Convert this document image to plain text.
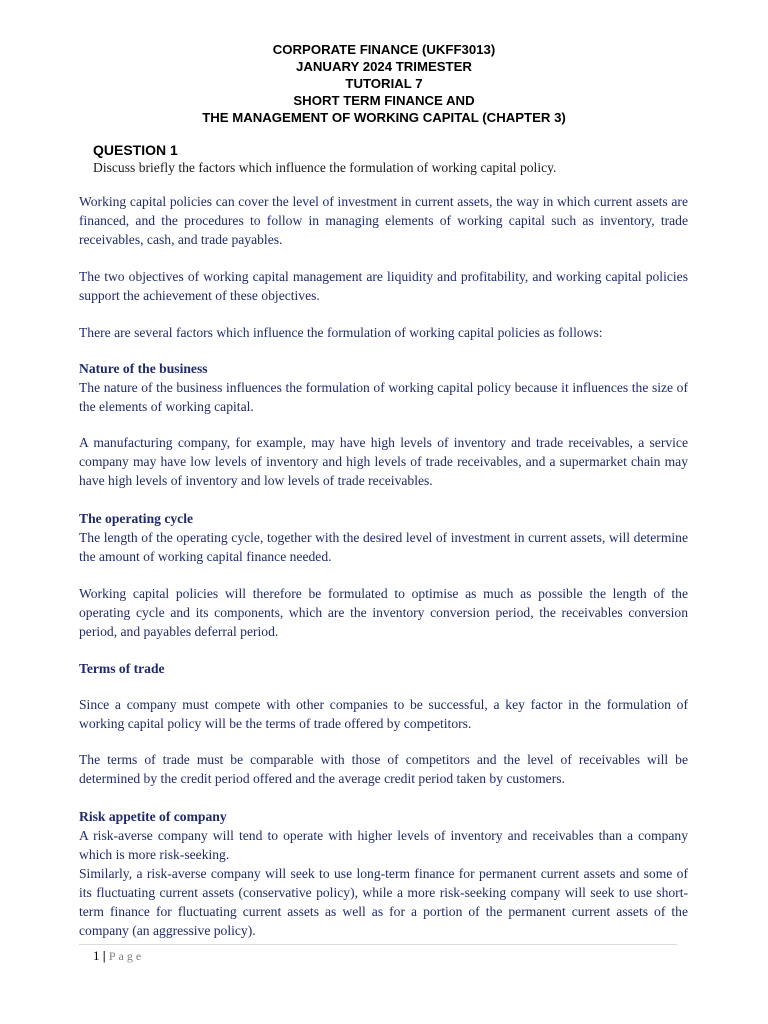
CORPORATE FINANCE (UKFF3013)
JANUARY 2024 TRIMESTER
TUTORIAL 7
SHORT TERM FINANCE AND
THE MANAGEMENT OF WORKING CAPITAL (CHAPTER 3)
QUESTION 1
Discuss briefly the factors which influence the formulation of working capital policy.
Working capital policies can cover the level of investment in current assets, the way in which current assets are financed, and the procedures to follow in managing elements of working capital such as inventory, trade receivables, cash, and trade payables.
The two objectives of working capital management are liquidity and profitability, and working capital policies support the achievement of these objectives.
There are several factors which influence the formulation of working capital policies as follows:
Nature of the business
The nature of the business influences the formulation of working capital policy because it influences the size of the elements of working capital.
A manufacturing company, for example, may have high levels of inventory and trade receivables, a service company may have low levels of inventory and high levels of trade receivables, and a supermarket chain may have high levels of inventory and low levels of trade receivables.
The operating cycle
The length of the operating cycle, together with the desired level of investment in current assets, will determine the amount of working capital finance needed.
Working capital policies will therefore be formulated to optimise as much as possible the length of the operating cycle and its components, which are the inventory conversion period, the receivables conversion period, and payables deferral period.
Terms of trade
Since a company must compete with other companies to be successful, a key factor in the formulation of working capital policy will be the terms of trade offered by competitors.
The terms of trade must be comparable with those of competitors and the level of receivables will be determined by the credit period offered and the average credit period taken by customers.
Risk appetite of company
A risk-averse company will tend to operate with higher levels of inventory and receivables than a company which is more risk-seeking.
Similarly, a risk-averse company will seek to use long-term finance for permanent current assets and some of its fluctuating current assets (conservative policy), while a more risk-seeking company will seek to use short-term finance for fluctuating current assets as well as for a portion of the permanent current assets of the company (an aggressive policy).
1 | Page
